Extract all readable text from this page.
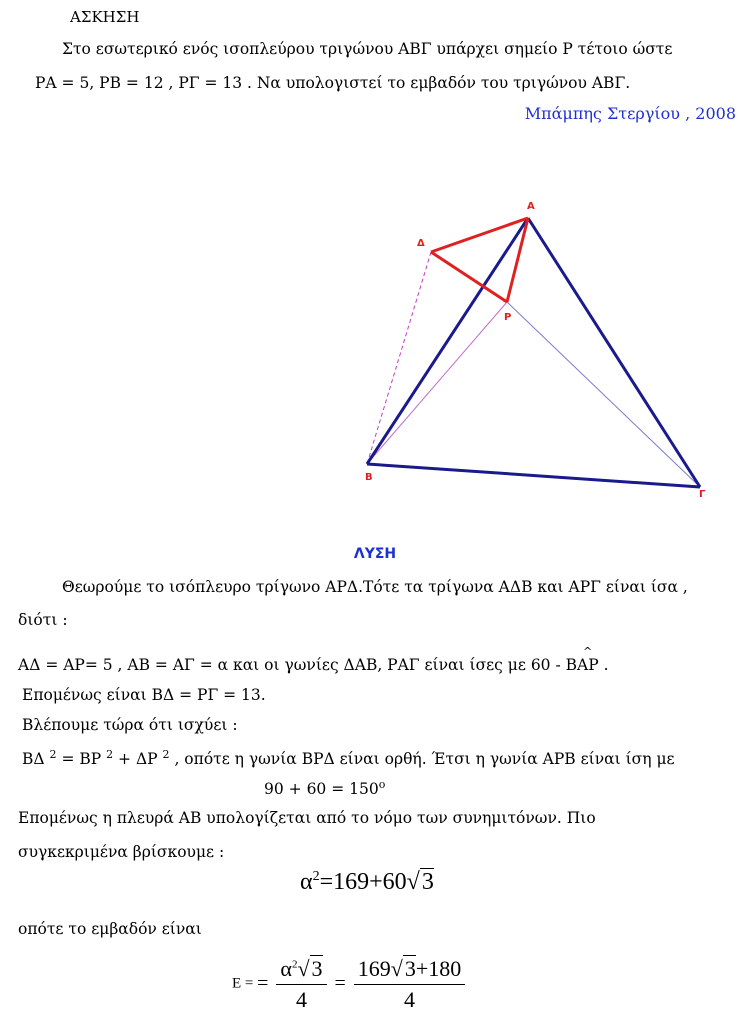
ΑΣΚΗΣΗ
Στο εσωτερικό ενός ισοπλεύρου τριγώνου ΑΒΓ υπάρχει σημείο Ρ τέτοιο ώστε
ΡΑ = 5, ΡΒ = 12 , ΡΓ = 13 . Να υπολογιστεί το εμβαδόν του τριγώνου ΑΒΓ.
Μπάμπης Στεργίου , 2008
Α
Δ
Ρ
Β
Γ
ΛΥΣΗ
Θεωρούμε το ισόπλευρο τρίγωνο ΑΡΔ.Τότε τα τρίγωνα ΑΔΒ και ΑΡΓ είναι ίσα ,
διότι :
ΑΔ = ΑΡ= 5 , ΑΒ = ΑΓ = α και οι γωνίες ΔΑΒ, ΡΑΓ είναι ίσες με 60 - Β^ ΑΡ .
Επομένως είναι ΒΔ = ΡΓ = 13.
Βλέπουμε τώρα ότι ισχύει :
ΒΔ $^2$ = ΒΡ $^2$ + ΔΡ $^2$ , οπότε η γωνία ΒΡΔ είναι ορθή. Έτσι η γωνία ΑΡΒ είναι ίση με
$90 + 60 = 150^o$
Επομένως η πλευρά ΑΒ υπολογίζεται από το νόμο των συνημιτόνων. Πιο
συγκεκριμένα βρίσκουμε :
$\alpha^2=169+60√3$
οπότε το εμβαδόν είναι
Ε = = $\frac{\alpha^2√3}{4} = \frac{169√3+180}{4}$
